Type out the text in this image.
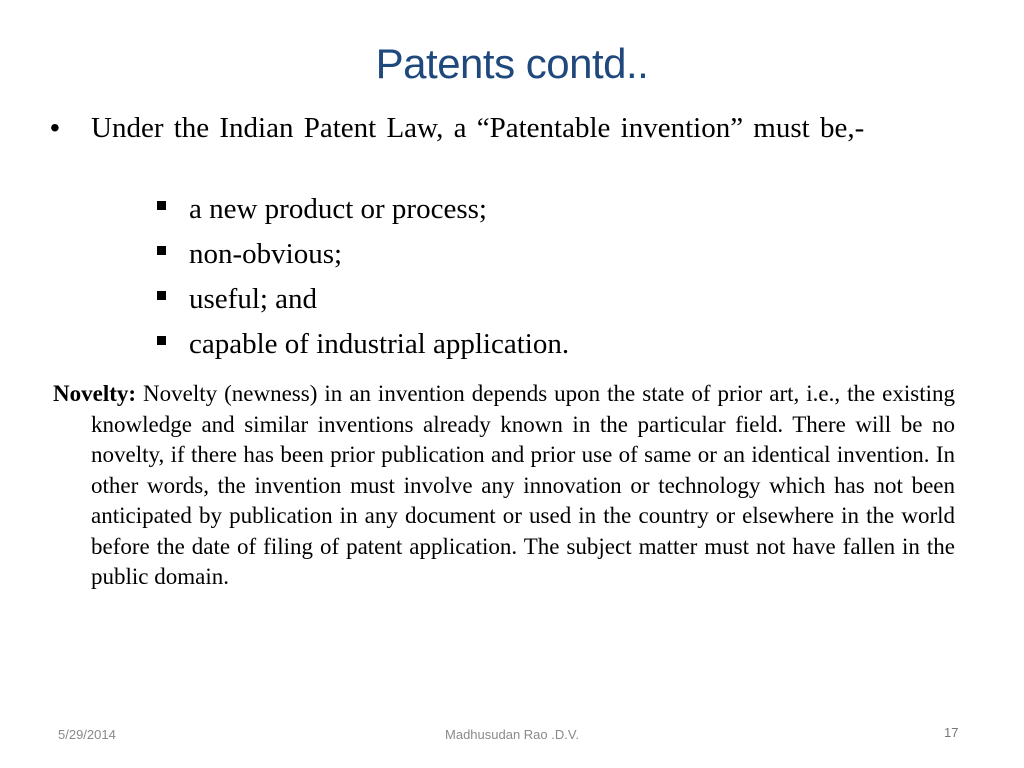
Patents contd..
• Under the Indian Patent Law, a “Patentable invention” must be,-
a new product or process;
non-obvious;
useful; and
capable of industrial application.
Novelty: Novelty (newness) in an invention depends upon the state of prior art, i.e., the existing knowledge and similar inventions already known in the particular field. There will be no novelty, if there has been prior publication and prior use of same or an identical invention. In other words, the invention must involve any innovation or technology which has not been anticipated by publication in any document or used in the country or elsewhere in the world before the date of filing of patent application. The subject matter must not have fallen in the public domain.
5/29/2014	Madhusudan Rao .D.V.	17
